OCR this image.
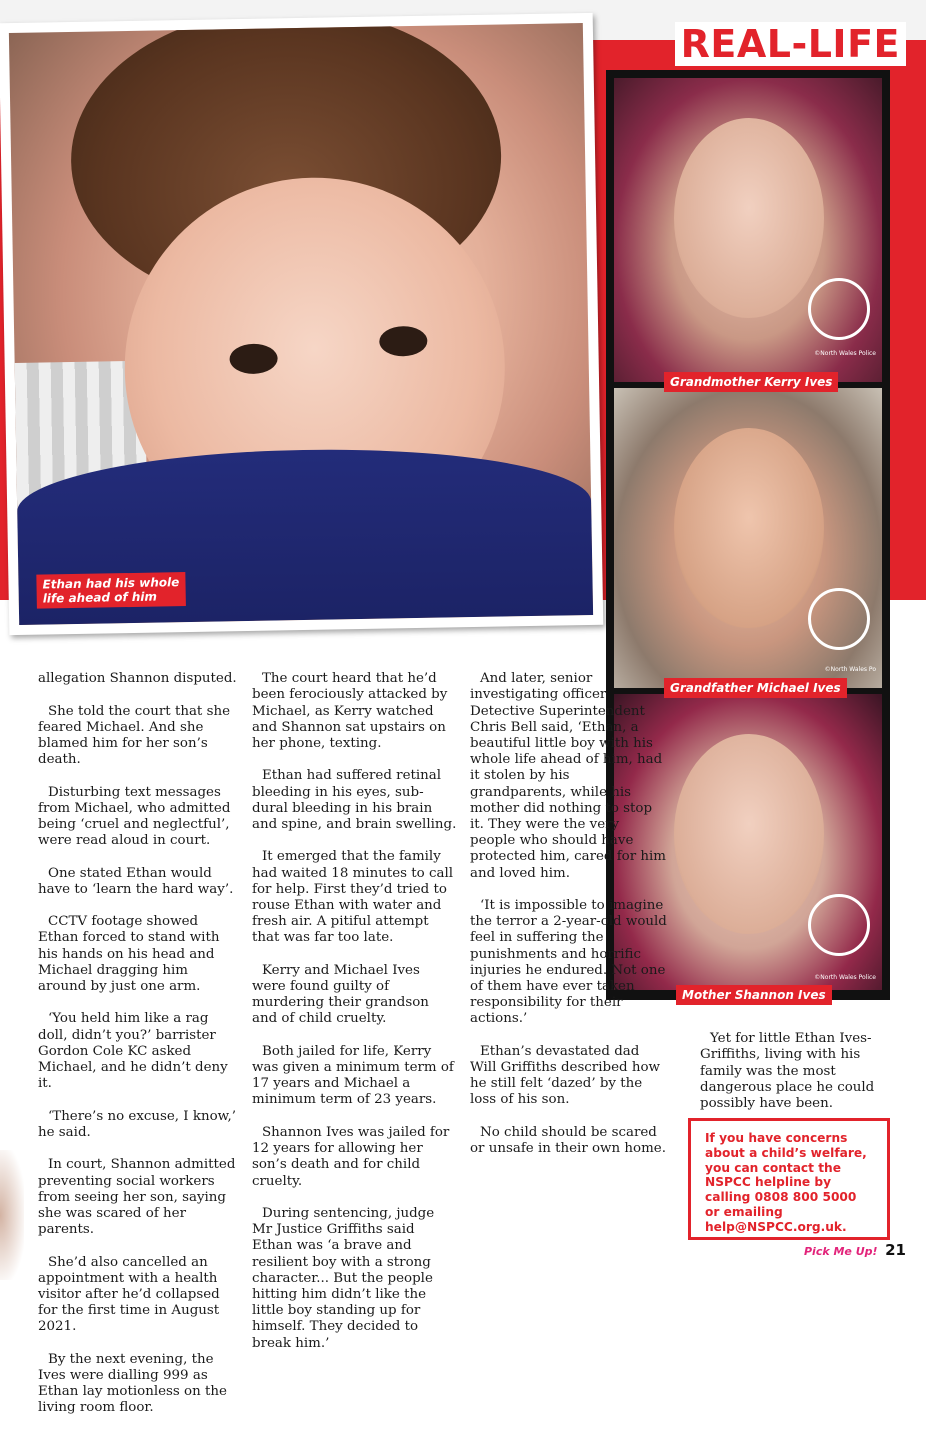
REAL-LIFE
Ethan had his whole
life ahead of him
©North Wales Police
©North Wales Po
©North Wales Police
Grandmother Kerry Ives
Grandfather Michael Ives
Mother Shannon Ives

allegation Shannon disputed.

She told the court that she feared Michael. And she blamed him for her son’s death.

Disturbing text messages from Michael, who admitted being ‘cruel and neglectful’, were read aloud in court.

One stated Ethan would have to ‘learn the hard way’.

CCTV footage showed Ethan forced to stand with his hands on his head and Michael dragging him around by just one arm.

‘You held him like a rag doll, didn’t you?’ barrister Gordon Cole KC asked Michael, and he didn’t deny it.

‘There’s no excuse, I know,’ he said.

In court, Shannon admitted preventing social workers from seeing her son, saying she was scared of her parents.

She’d also cancelled an appointment with a health visitor after he’d collapsed for the first time in August 2021.

By the next evening, the Ives were dialling 999 as Ethan lay motionless on the living room floor.

The court heard that he’d been ferociously attacked by Michael, as Kerry watched and Shannon sat upstairs on her phone, texting.

Ethan had suffered retinal bleeding in his eyes, sub-dural bleeding in his brain and spine, and brain swelling.

It emerged that the family had waited 18 minutes to call for help. First they’d tried to rouse Ethan with water and fresh air. A pitiful attempt that was far too late.

Kerry and Michael Ives were found guilty of murdering their grandson and of child cruelty.

Both jailed for life, Kerry was given a minimum term of 17 years and Michael a minimum term of 23 years.

Shannon Ives was jailed for 12 years for allowing her son’s death and for child cruelty.

During sentencing, judge Mr Justice Griffiths said Ethan was ‘a brave and resilient boy with a strong character... But the people hitting him didn’t like the little boy standing up for himself. They decided to break him.’

And later, senior investigating officer Detective Superintendent Chris Bell said, ‘Ethan, a beautiful little boy with his whole life ahead of him, had it stolen by his grandparents, while his mother did nothing to stop it. They were the very people who should have protected him, cared for him and loved him.

‘It is impossible to imagine the terror a 2-year-old would feel in suffering the punishments and horrific injuries he endured. Not one of them have ever taken responsibility for their actions.’

Ethan’s devastated dad Will Griffiths described how he still felt ‘dazed’ by the loss of his son.

No child should be scared or unsafe in their own home.

Yet for little Ethan Ives-Griffiths, living with his family was the most dangerous place he could possibly have been.

If you have concerns about a child’s welfare, you can contact the NSPCC helpline by calling 0808 800 5000 or emailing help@NSPCC.org.uk.
Pick Me Up! 21
